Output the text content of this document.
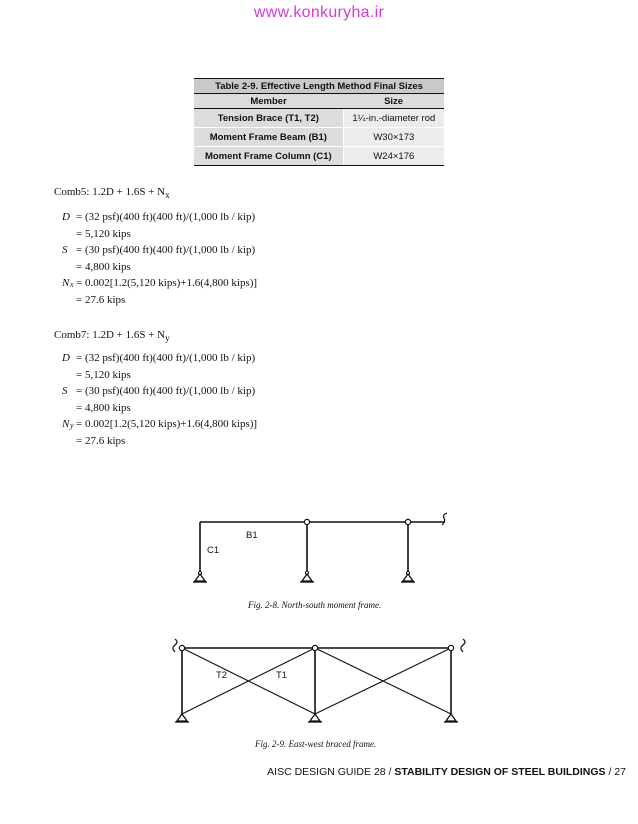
www.konkuryha.ir
Table 2-9. Effective Length Method Final Sizes	
Member	Size
Tension Brace (T1, T2)	1¼-in.-diameter rod
Moment Frame Beam (B1)	W30×173
Moment Frame Column (C1)	W24×176
Comb5: $1.2D + 1.6S + N_x$
D = (32 psf)(400 ft)(400 ft)/(1,000 lb / kip)
= 5,120 kips
S = (30 psf)(400 ft)(400 ft)/(1,000 lb / kip)
= 4,800 kips
N x = 0.002[1.2(5,120 kips)+1.6(4,800 kips)]
= 27.6 kips
Comb7: $1.2D + 1.6S + N_y$
D = (32 psf)(400 ft)(400 ft)/(1,000 lb / kip)
= 5,120 kips
S = (30 psf)(400 ft)(400 ft)/(1,000 lb / kip)
= 4,800 kips
N y = 0.002[1.2(5,120 kips)+1.6(4,800 kips)]
= 27.6 kips
B1
C1
Fig. 2-8. North-south moment frame.
T2	T1
Fig. 2-9. East-west braced frame.
AISC DESIGN GUIDE 28 / STABILITY DESIGN OF STEEL BUILDINGS / 27
